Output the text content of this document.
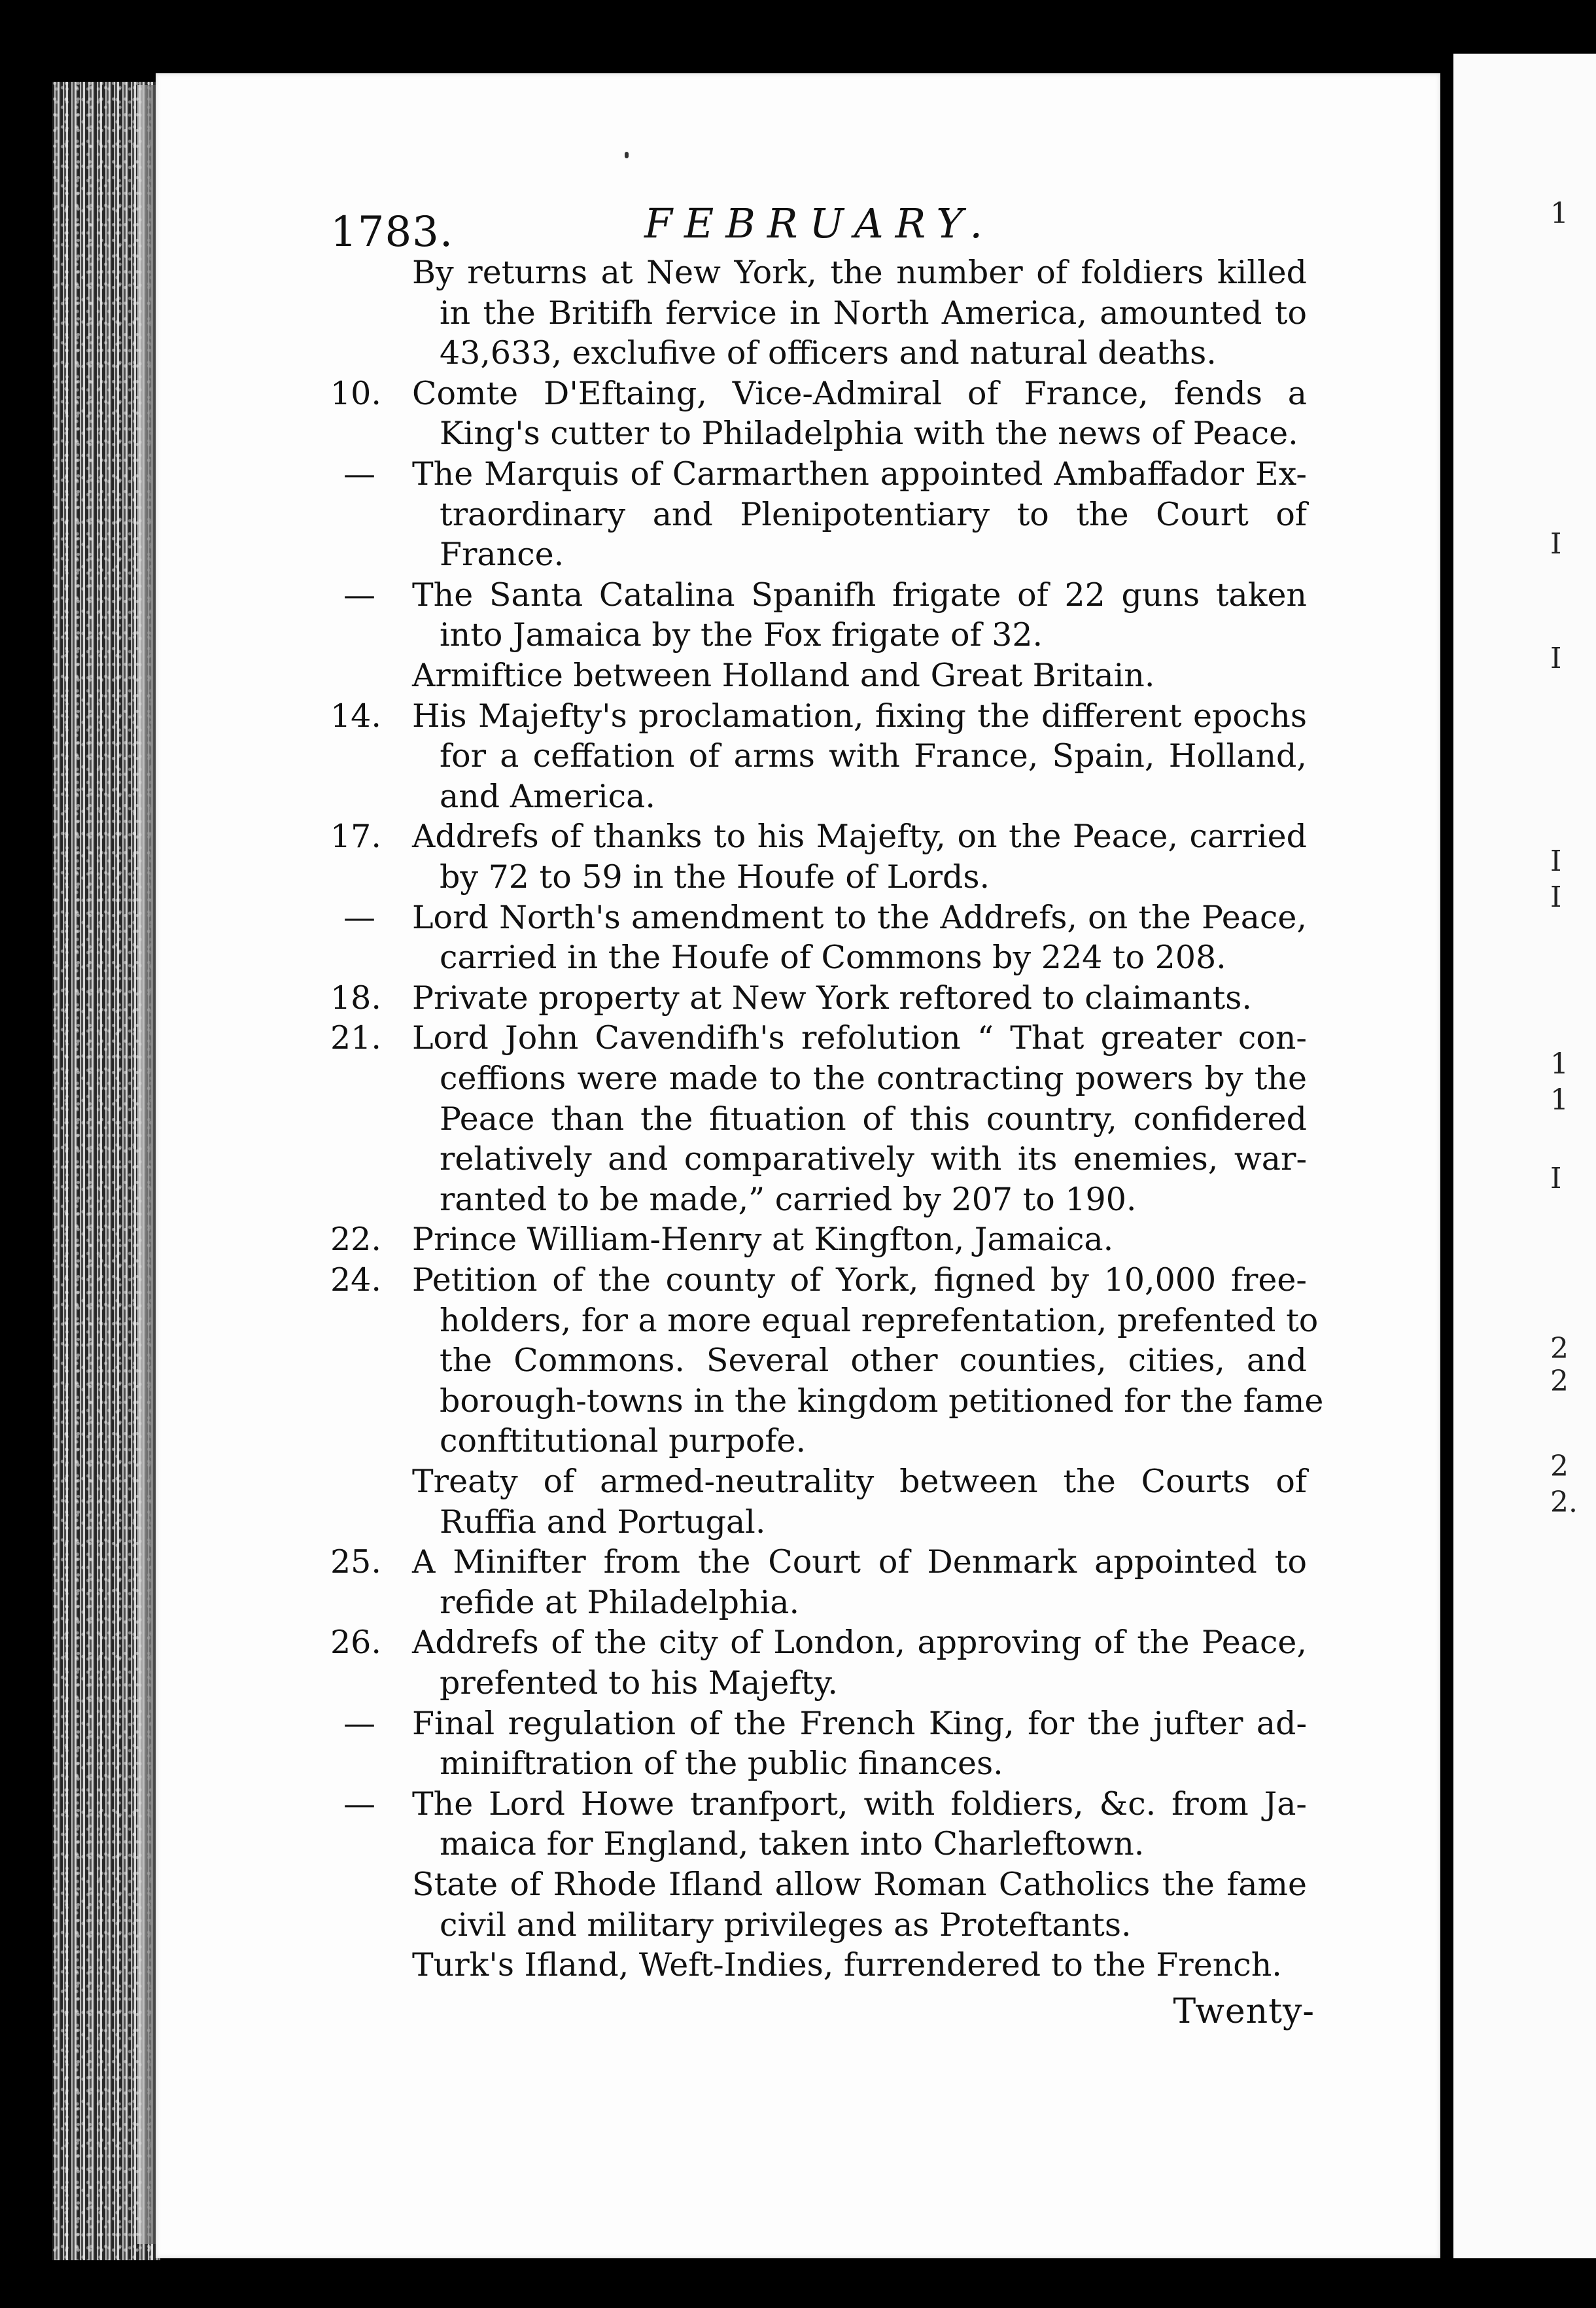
1783.	FEBRUARY.	1
I
I
I
I
1
1
I
2
2
2
2.
By returns at New York, the number of foldiers killed
in the Britifh fervice in North America, amounted to
43,633, exclufive of officers and natural deaths.
10. Comte D'Eftaing, Vice-Admiral of France, fends a
King's cutter to Philadelphia with the news of Peace.
— The Marquis of Carmarthen appointed Ambaffador Ex-
traordinary and Plenipotentiary to the Court of
France.
— The Santa Catalina Spanifh frigate of 22 guns taken
into Jamaica by the Fox frigate of 32.
Armiftice between Holland and Great Britain.
14. His Majefty's proclamation, fixing the different epochs
for a ceffation of arms with France, Spain, Holland,
and America.
17. Addrefs of thanks to his Majefty, on the Peace, carried
by 72 to 59 in the Houfe of Lords.
— Lord North's amendment to the Addrefs, on the Peace,
carried in the Houfe of Commons by 224 to 208.
18. Private property at New York reftored to claimants.
21. Lord John Cavendifh's refolution “ That greater con-
ceffions were made to the contracting powers by the
Peace than the fituation of this country, confidered
relatively and comparatively with its enemies, war-
ranted to be made,” carried by 207 to 190.
22. Prince William-Henry at Kingfton, Jamaica.
24. Petition of the county of York, figned by 10,000 free-
holders, for a more equal reprefentation, prefented to
the Commons. Several other counties, cities, and
borough-towns in the kingdom petitioned for the fame
conftitutional purpofe.
Treaty of armed-neutrality between the Courts of
Ruffia and Portugal.
25. A Minifter from the Court of Denmark appointed to
refide at Philadelphia.
26. Addrefs of the city of London, approving of the Peace,
prefented to his Majefty.
— Final regulation of the French King, for the jufter ad-
miniftration of the public finances.
— The Lord Howe tranfport, with foldiers, &c. from Ja-
maica for England, taken into Charleftown.
State of Rhode Ifland allow Roman Catholics the fame
civil and military privileges as Proteftants.
Turk's Ifland, Weft-Indies, furrendered to the French.
Twenty-
